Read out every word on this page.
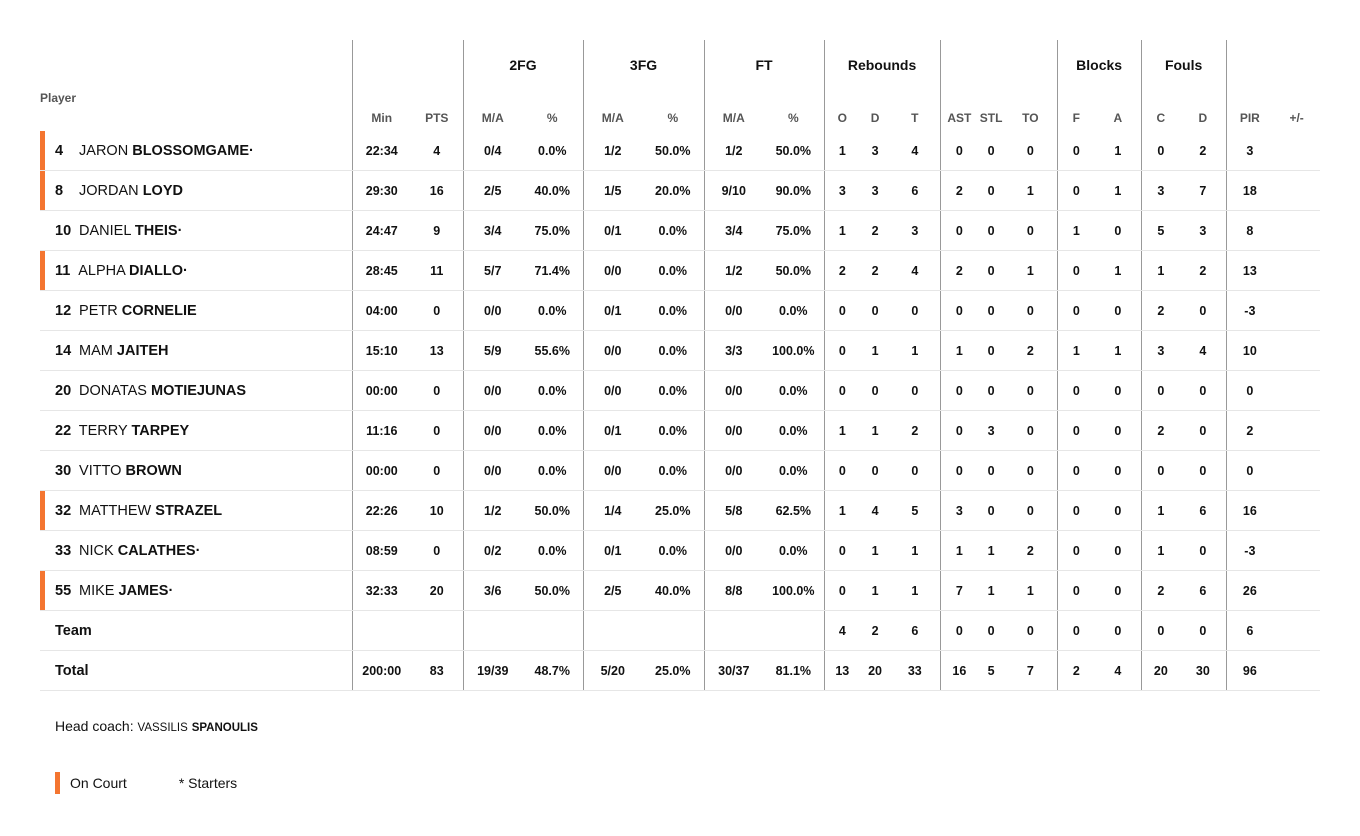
			2FG		3FG		FT		Rebounds						Blocks		Fouls			
Player	Min	PTS	M/A	%	M/A	%	M/A	%	O	D	T	AST	STL	TO	F	A	C	D	PIR	+/-

4 JARON BLOSSOMGAME·	22:34	4	0/4	0.0%	1/2	50.0%	1/2	50.0%	1	3	4	0	0	0	0	1	0	2	3	

8 JORDAN LOYD	29:30	16	2/5	40.0%	1/5	20.0%	9/10	90.0%	3	3	6	2	0	1	0	1	3	7	18	
10 DANIEL THEIS·	24:47	9	3/4	75.0%	0/1	0.0%	3/4	75.0%	1	2	3	0	0	0	1	0	5	3	8	

11 ALPHA DIALLO·	28:45	11	5/7	71.4%	0/0	0.0%	1/2	50.0%	2	2	4	2	0	1	0	1	1	2	13	
12 PETR CORNELIE	04:00	0	0/0	0.0%	0/1	0.0%	0/0	0.0%	0	0	0	0	0	0	0	0	2	0	-3	
14 MAM JAITEH	15:10	13	5/9	55.6%	0/0	0.0%	3/3	100.0%	0	1	1	1	0	2	1	1	3	4	10	
20 DONATAS MOTIEJUNAS	00:00	0	0/0	0.0%	0/0	0.0%	0/0	0.0%	0	0	0	0	0	0	0	0	0	0	0	
22 TERRY TARPEY	11:16	0	0/0	0.0%	0/1	0.0%	0/0	0.0%	1	1	2	0	3	0	0	0	2	0	2	
30 VITTO BROWN	00:00	0	0/0	0.0%	0/0	0.0%	0/0	0.0%	0	0	0	0	0	0	0	0	0	0	0	

32 MATTHEW STRAZEL	22:26	10	1/2	50.0%	1/4	25.0%	5/8	62.5%	1	4	5	3	0	0	0	0	1	6	16	
33 NICK CALATHES·	08:59	0	0/2	0.0%	0/1	0.0%	0/0	0.0%	0	1	1	1	1	2	0	0	1	0	-3	

55 MIKE JAMES·	32:33	20	3/6	50.0%	2/5	40.0%	8/8	100.0%	0	1	1	7	1	1	0	0	2	6	26	
Team									4	2	6	0	0	0	0	0	0	0	6	
Total	200:00	83	19/39	48.7%	5/20	25.0%	30/37	81.1%	13	20	33	16	5	7	2	4	20	30	96	
Head coach: VASSILIS SPANOULIS
On Court	* Starters
